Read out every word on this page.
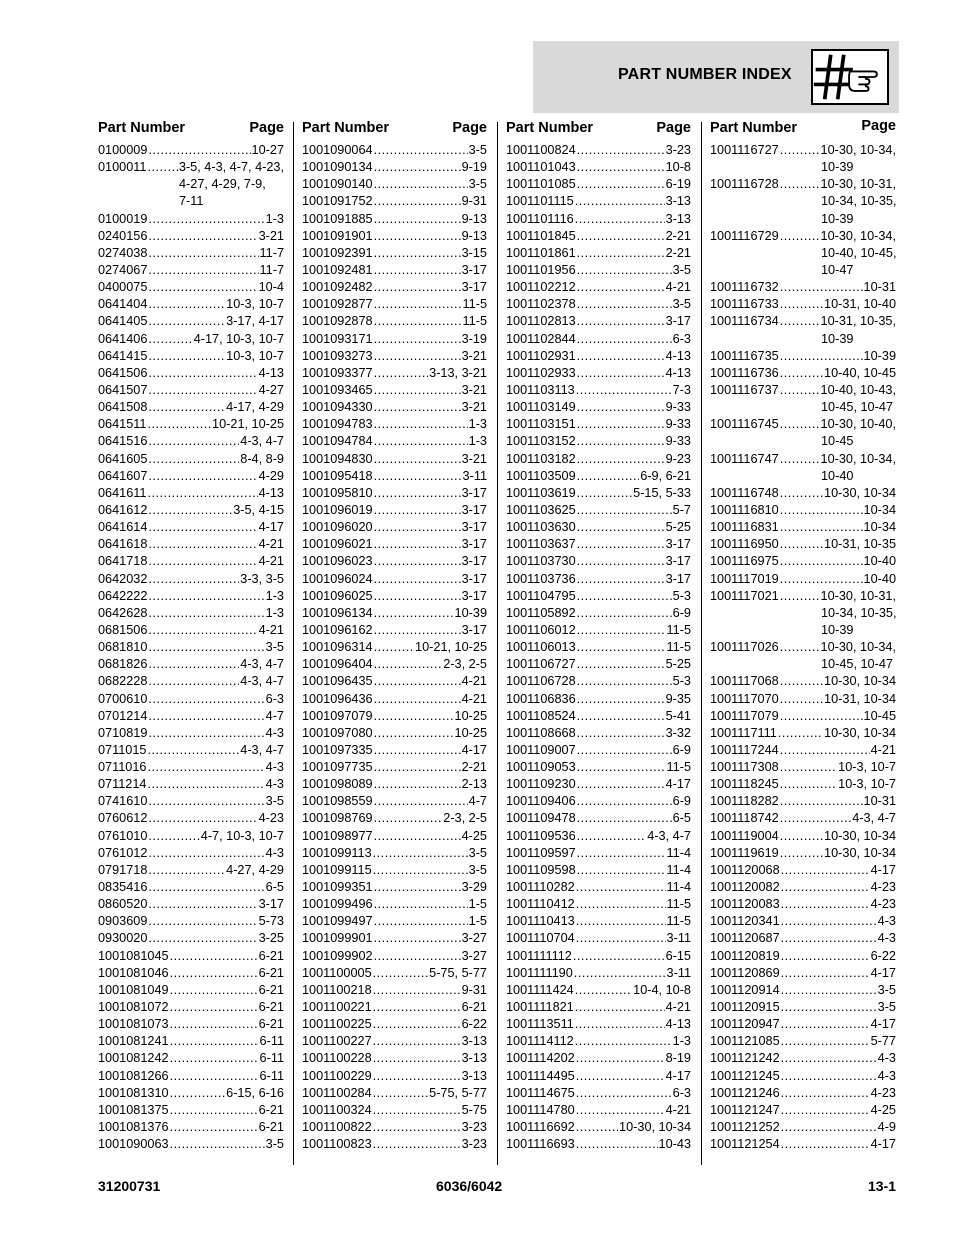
PART NUMBER INDEX
Part Number	Page
0100009 .....	10-27
0100011 .....	3-5, 4-3, 4-7, 4-23,
4-27, 4-29, 7-9,
7-11
0100019 .....	1-3
0240156 .....	3-21
0274038 .....	11-7
0274067 .....	11-7
0400075 .....	10-4
0641404 .....	10-3, 10-7
0641405 .....	3-17, 4-17
0641406 .....	4-17, 10-3, 10-7
0641415 .....	10-3, 10-7
0641506 .....	4-13
0641507 .....	4-27
0641508 .....	4-17, 4-29
0641511 .....	10-21, 10-25
0641516 .....	4-3, 4-7
0641605 .....	8-4, 8-9
0641607 .....	4-29
0641611 .....	4-13
0641612 .....	3-5, 4-15
0641614 .....	4-17
0641618 .....	4-21
0641718 .....	4-21
0642032 .....	3-3, 3-5
0642222 .....	1-3
0642628 .....	1-3
0681506 .....	4-21
0681810 .....	3-5
0681826 .....	4-3, 4-7
0682228 .....	4-3, 4-7
0700610 .....	6-3
0701214 .....	4-7
0710819 .....	4-3
0711015 .....	4-3, 4-7
0711016 .....	4-3
0711214 .....	4-3
0741610 .....	3-5
0760612 .....	4-23
0761010 .....	4-7, 10-3, 10-7
0761012 .....	4-3
0791718 .....	4-27, 4-29
0835416 .....	6-5
0860520 .....	3-17
0903609 .....	5-73
0930020 .....	3-25
1001081045 .....	6-21
1001081046 .....	6-21
1001081049 .....	6-21
1001081072 .....	6-21
1001081073 .....	6-21
1001081241 .....	6-11
1001081242 .....	6-11
1001081266 .....	6-11
1001081310 .....	6-15, 6-16
1001081375 .....	6-21
1001081376 .....	6-21
1001090063 .....	3-5
Part Number	Page
1001090064 .....	3-5
1001090134 .....	9-19
1001090140 .....	3-5
1001091752 .....	9-31
1001091885 .....	9-13
1001091901 .....	9-13
1001092391 .....	3-15
1001092481 .....	3-17
1001092482 .....	3-17
1001092877 .....	11-5
1001092878 .....	11-5
1001093171 .....	3-19
1001093273 .....	3-21
1001093377 .....	3-13, 3-21
1001093465 .....	3-21
1001094330 .....	3-21
1001094783 .....	1-3
1001094784 .....	1-3
1001094830 .....	3-21
1001095418 .....	3-11
1001095810 .....	3-17
1001096019 .....	3-17
1001096020 .....	3-17
1001096021 .....	3-17
1001096023 .....	3-17
1001096024 .....	3-17
1001096025 .....	3-17
1001096134 .....	10-39
1001096162 .....	3-17
1001096314 .....	10-21, 10-25
1001096404 .....	2-3, 2-5
1001096435 .....	4-21
1001096436 .....	4-21
1001097079 .....	10-25
1001097080 .....	10-25
1001097335 .....	4-17
1001097735 .....	2-21
1001098089 .....	2-13
1001098559 .....	4-7
1001098769 .....	2-3, 2-5
1001098977 .....	4-25
1001099113 .....	3-5
1001099115 .....	3-5
1001099351 .....	3-29
1001099496 .....	1-5
1001099497 .....	1-5
1001099901 .....	3-27
1001099902 .....	3-27
1001100005 .....	5-75, 5-77
1001100218 .....	9-31
1001100221 .....	6-21
1001100225 .....	6-22
1001100227 .....	3-13
1001100228 .....	3-13
1001100229 .....	3-13
1001100284 .....	5-75, 5-77
1001100324 .....	5-75
1001100822 .....	3-23
1001100823 .....	3-23
Part Number	Page
1001100824 .....	3-23
1001101043 .....	10-8
1001101085 .....	6-19
1001101115 .....	3-13
1001101116 .....	3-13
1001101845 .....	2-21
1001101861 .....	2-21
1001101956 .....	3-5
1001102212 .....	4-21
1001102378 .....	3-5
1001102813 .....	3-17
1001102844 .....	6-3
1001102931 .....	4-13
1001102933 .....	4-13
1001103113 .....	7-3
1001103149 .....	9-33
1001103151 .....	9-33
1001103152 .....	9-33
1001103182 .....	9-23
1001103509 .....	6-9, 6-21
1001103619 .....	5-15, 5-33
1001103625 .....	5-7
1001103630 .....	5-25
1001103637 .....	3-17
1001103730 .....	3-17
1001103736 .....	3-17
1001104795 .....	5-3
1001105892 .....	6-9
1001106012 .....	11-5
1001106013 .....	11-5
1001106727 .....	5-25
1001106728 .....	5-3
1001106836 .....	9-35
1001108524 .....	5-41
1001108668 .....	3-32
1001109007 .....	6-9
1001109053 .....	11-5
1001109230 .....	4-17
1001109406 .....	6-9
1001109478 .....	6-5
1001109536 .....	4-3, 4-7
1001109597 .....	11-4
1001109598 .....	11-4
1001110282 .....	11-4
1001110412 .....	11-5
1001110413 .....	11-5
1001110704 .....	3-11
1001111112 .....	6-15
1001111190 .....	3-11
1001111424 .....	10-4, 10-8
1001111821 .....	4-21
1001113511 .....	4-13
1001114112 .....	1-3
1001114202 .....	8-19
1001114495 .....	4-17
1001114675 .....	6-3
1001114780 .....	4-21
1001116692 .....	10-30, 10-34
1001116693 .....	10-43
Part Number	Page
1001116727 .....	10-30, 10-34,
10-39
1001116728 .....	10-30, 10-31,
10-34, 10-35,
10-39
1001116729 .....	10-30, 10-34,
10-40, 10-45,
10-47
1001116732 .....	10-31
1001116733 .....	10-31, 10-40
1001116734 .....	10-31, 10-35,
10-39
1001116735 .....	10-39
1001116736 .....	10-40, 10-45
1001116737 .....	10-40, 10-43,
10-45, 10-47
1001116745 .....	10-30, 10-40,
10-45
1001116747 .....	10-30, 10-34,
10-40
1001116748 .....	10-30, 10-34
1001116810 .....	10-34
1001116831 .....	10-34
1001116950 .....	10-31, 10-35
1001116975 .....	10-40
1001117019 .....	10-40
1001117021 .....	10-30, 10-31,
10-34, 10-35,
10-39
1001117026 .....	10-30, 10-34,
10-45, 10-47
1001117068 .....	10-30, 10-34
1001117070 .....	10-31, 10-34
1001117079 .....	10-45
1001117111 .....	10-30, 10-34
1001117244 .....	4-21
1001117308 .....	10-3, 10-7
1001118245 .....	10-3, 10-7
1001118282 .....	10-31
1001118742 .....	4-3, 4-7
1001119004 .....	10-30, 10-34
1001119619 .....	10-30, 10-34
1001120068 .....	4-17
1001120082 .....	4-23
1001120083 .....	4-23
1001120341 .....	4-3
1001120687 .....	4-3
1001120819 .....	6-22
1001120869 .....	4-17
1001120914 .....	3-5
1001120915 .....	3-5
1001120947 .....	4-17
1001121085 .....	5-77
1001121242 .....	4-3
1001121245 .....	4-3
1001121246 .....	4-23
1001121247 .....	4-25
1001121252 .....	4-9
1001121254 .....	4-17
31200731	6036/6042	13-1
